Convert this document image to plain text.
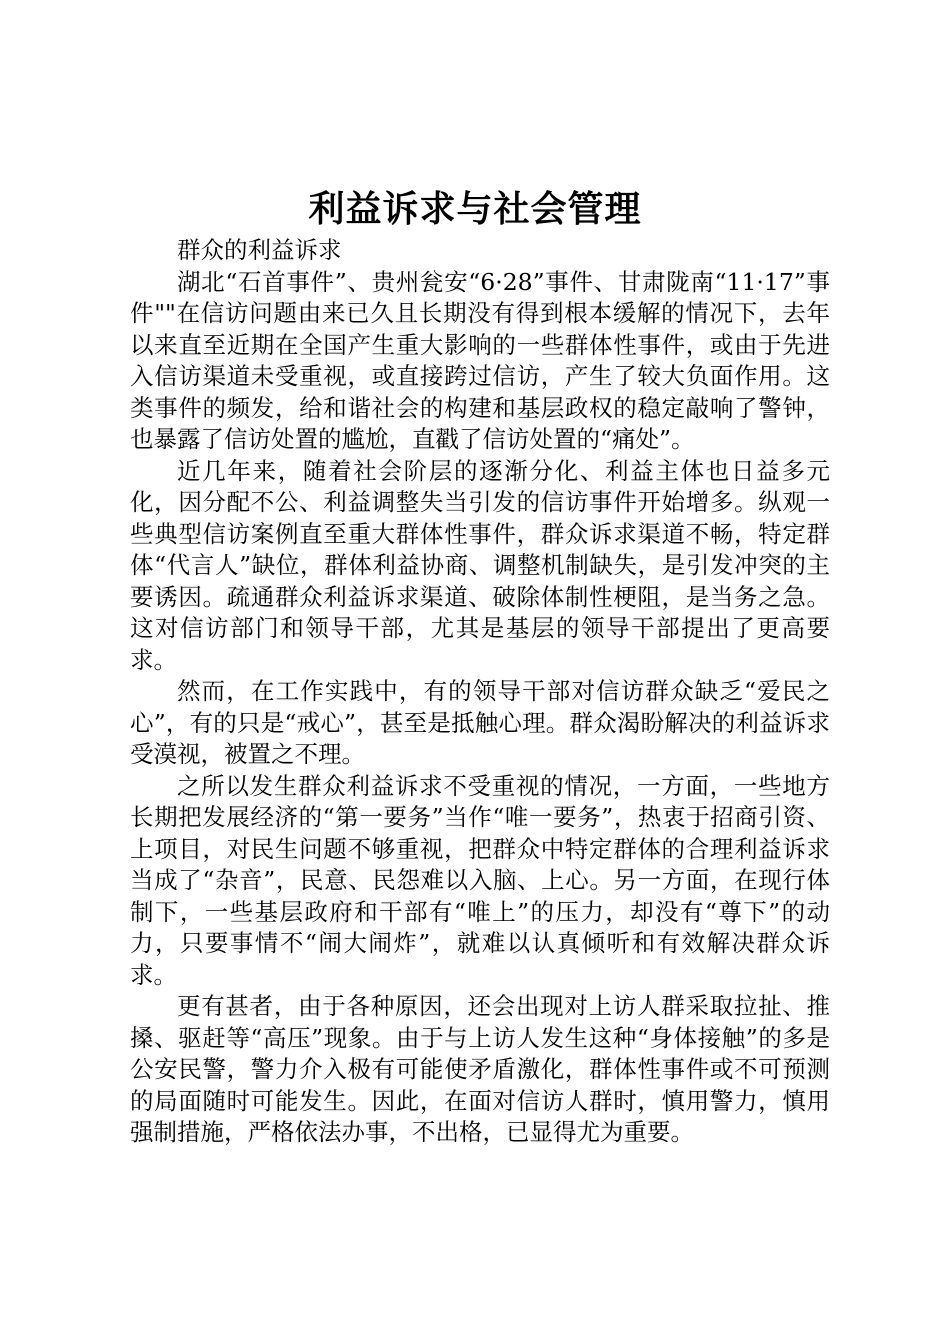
利益诉求与社会管理

群众的利益诉求

湖北“石首事件”、贵州瓮安“6·28”事件、甘肃陇南“11·17”事件""在信访问题由来已久且长期没有得到根本缓解的情况下，去年以来直至近期在全国产生重大影响的一些群体性事件，或由于先进入信访渠道未受重视，或直接跨过信访，产生了较大负面作用。这类事件的频发，给和谐社会的构建和基层政权的稳定敲响了警钟，也暴露了信访处置的尴尬，直戳了信访处置的“痛处”。

近几年来，随着社会阶层的逐渐分化、利益主体也日益多元化，因分配不公、利益调整失当引发的信访事件开始增多。纵观一些典型信访案例直至重大群体性事件，群众诉求渠道不畅，特定群体“代言人”缺位，群体利益协商、调整机制缺失，是引发冲突的主要诱因。疏通群众利益诉求渠道、破除体制性梗阻，是当务之急。这对信访部门和领导干部，尤其是基层的领导干部提出了更高要求。

然而，在工作实践中，有的领导干部对信访群众缺乏“爱民之心”，有的只是“戒心”，甚至是抵触心理。群众渴盼解决的利益诉求受漠视，被置之不理。

之所以发生群众利益诉求不受重视的情况，一方面，一些地方长期把发展经济的“第一要务”当作“唯一要务”，热衷于招商引资、上项目，对民生问题不够重视，把群众中特定群体的合理利益诉求当成了“杂音”，民意、民怨难以入脑、上心。另一方面，在现行体制下，一些基层政府和干部有“唯上”的压力，却没有“尊下”的动力，只要事情不“闹大闹炸”，就难以认真倾听和有效解决群众诉求。

更有甚者，由于各种原因，还会出现对上访人群采取拉扯、推搡、驱赶等“高压”现象。由于与上访人发生这种“身体接触”的多是公安民警，警力介入极有可能使矛盾激化，群体性事件或不可预测的局面随时可能发生。因此，在面对信访人群时，慎用警力，慎用强制措施，严格依法办事，不出格，已显得尤为重要。
